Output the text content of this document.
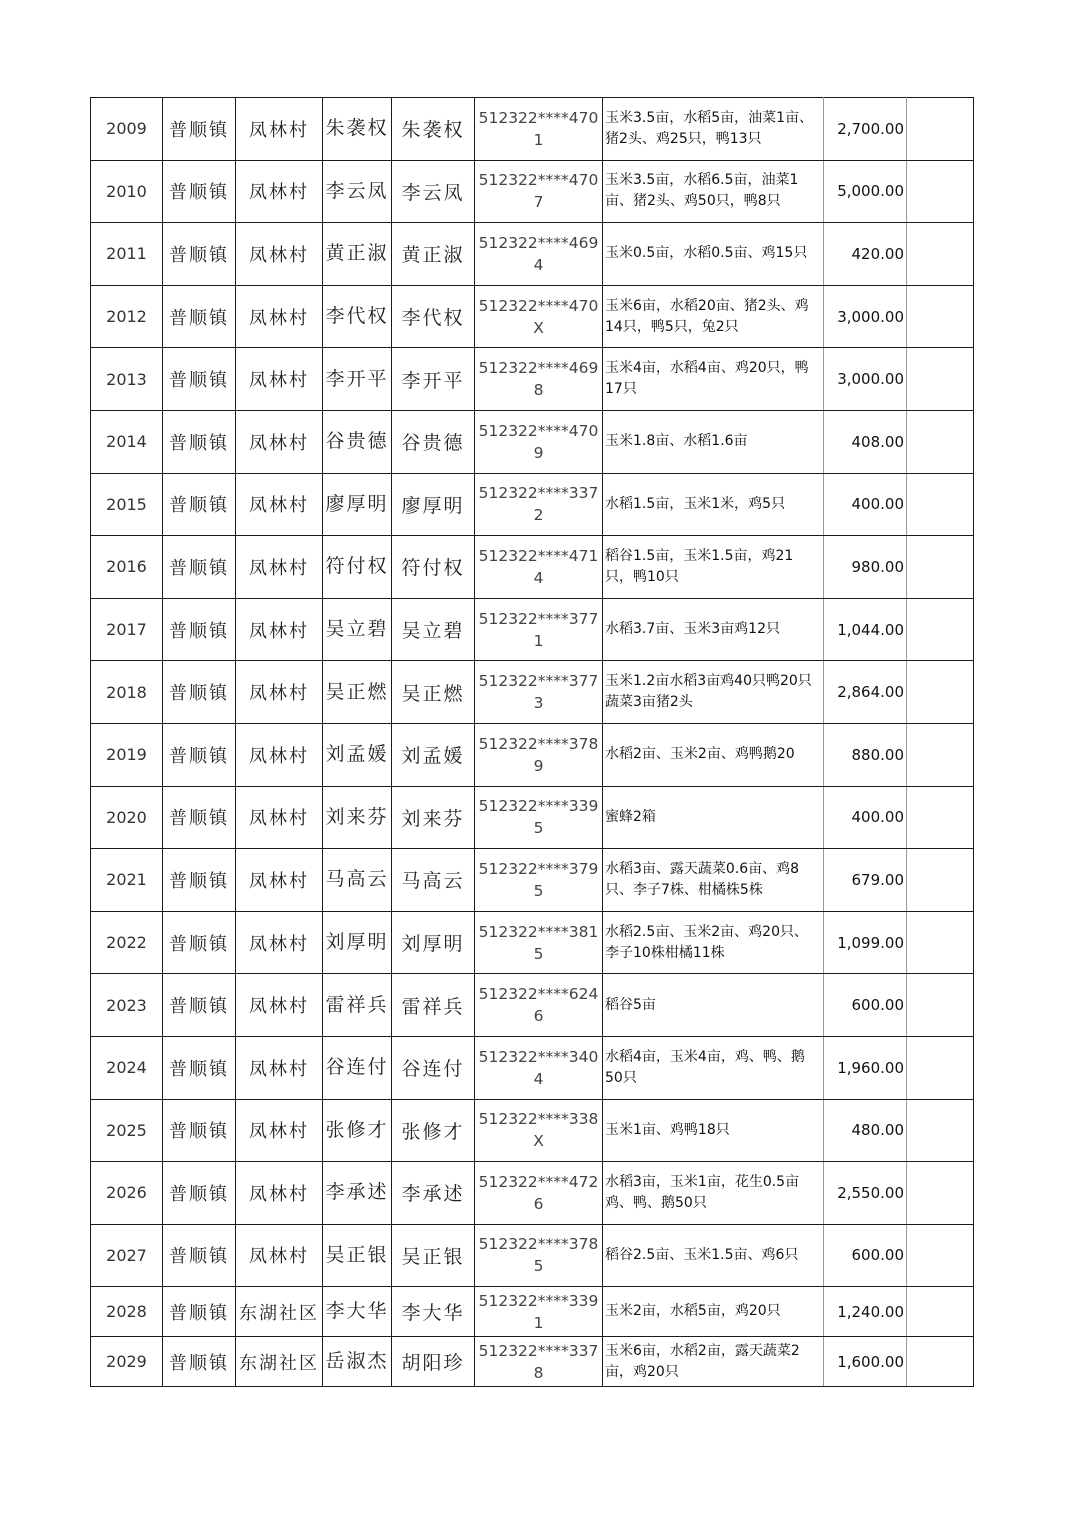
2009	普顺镇	凤林村	朱袭权	朱袭权	512322****4701	玉米3.5亩，水稻5亩，油菜1亩、猪2头、鸡25只，鸭13只	2,700.00	
2010	普顺镇	凤林村	李云凤	李云凤	512322****4707	玉米3.5亩，水稻6.5亩，油菜1亩、猪2头、鸡50只，鸭8只	5,000.00	
2011	普顺镇	凤林村	黄正淑	黄正淑	512322****4694	玉米0.5亩，水稻0.5亩、鸡15只	420.00	
2012	普顺镇	凤林村	李代权	李代权	512322****470X	玉米6亩，水稻20亩、猪2头、鸡14只，鸭5只，兔2只	3,000.00	
2013	普顺镇	凤林村	李开平	李开平	512322****4698	玉米4亩，水稻4亩、鸡20只，鸭17只	3,000.00	
2014	普顺镇	凤林村	谷贵德	谷贵德	512322****4709	玉米1.8亩、水稻1.6亩	408.00	
2015	普顺镇	凤林村	廖厚明	廖厚明	512322****3372	水稻1.5亩，玉米1米，鸡5只	400.00	
2016	普顺镇	凤林村	符付权	符付权	512322****4714	稻谷1.5亩，玉米1.5亩，鸡21只，鸭10只	980.00	
2017	普顺镇	凤林村	吴立碧	吴立碧	512322****3771	水稻3.7亩、玉米3亩鸡12只	1,044.00	
2018	普顺镇	凤林村	吴正燃	吴正燃	512322****3773	玉米1.2亩水稻3亩鸡40只鸭20只蔬菜3亩猪2头	2,864.00	
2019	普顺镇	凤林村	刘孟媛	刘孟媛	512322****3789	水稻2亩、玉米2亩、鸡鸭鹅20	880.00	
2020	普顺镇	凤林村	刘来芬	刘来芬	512322****3395	蜜蜂2箱	400.00	
2021	普顺镇	凤林村	马高云	马高云	512322****3795	水稻3亩、露天蔬菜0.6亩、鸡8只、李子7株、柑橘株5株	679.00	
2022	普顺镇	凤林村	刘厚明	刘厚明	512322****3815	水稻2.5亩、玉米2亩、鸡20只、李子10株柑橘11株	1,099.00	
2023	普顺镇	凤林村	雷祥兵	雷祥兵	512322****6246	稻谷5亩	600.00	
2024	普顺镇	凤林村	谷连付	谷连付	512322****3404	水稻4亩，玉米4亩，鸡、鸭、鹅50只	1,960.00	
2025	普顺镇	凤林村	张修才	张修才	512322****338X	玉米1亩、鸡鸭18只	480.00	
2026	普顺镇	凤林村	李承述	李承述	512322****4726	水稻3亩，玉米1亩，花生0.5亩鸡、鸭、鹅50只	2,550.00	
2027	普顺镇	凤林村	吴正银	吴正银	512322****3785	稻谷2.5亩、玉米1.5亩、鸡6只	600.00	
2028	普顺镇	东湖社区	李大华	李大华	512322****3391	玉米2亩，水稻5亩，鸡20只	1,240.00	
2029	普顺镇	东湖社区	岳淑杰	胡阳珍	512322****3378	玉米6亩，水稻2亩，露天蔬菜2亩，鸡20只	1,600.00	
